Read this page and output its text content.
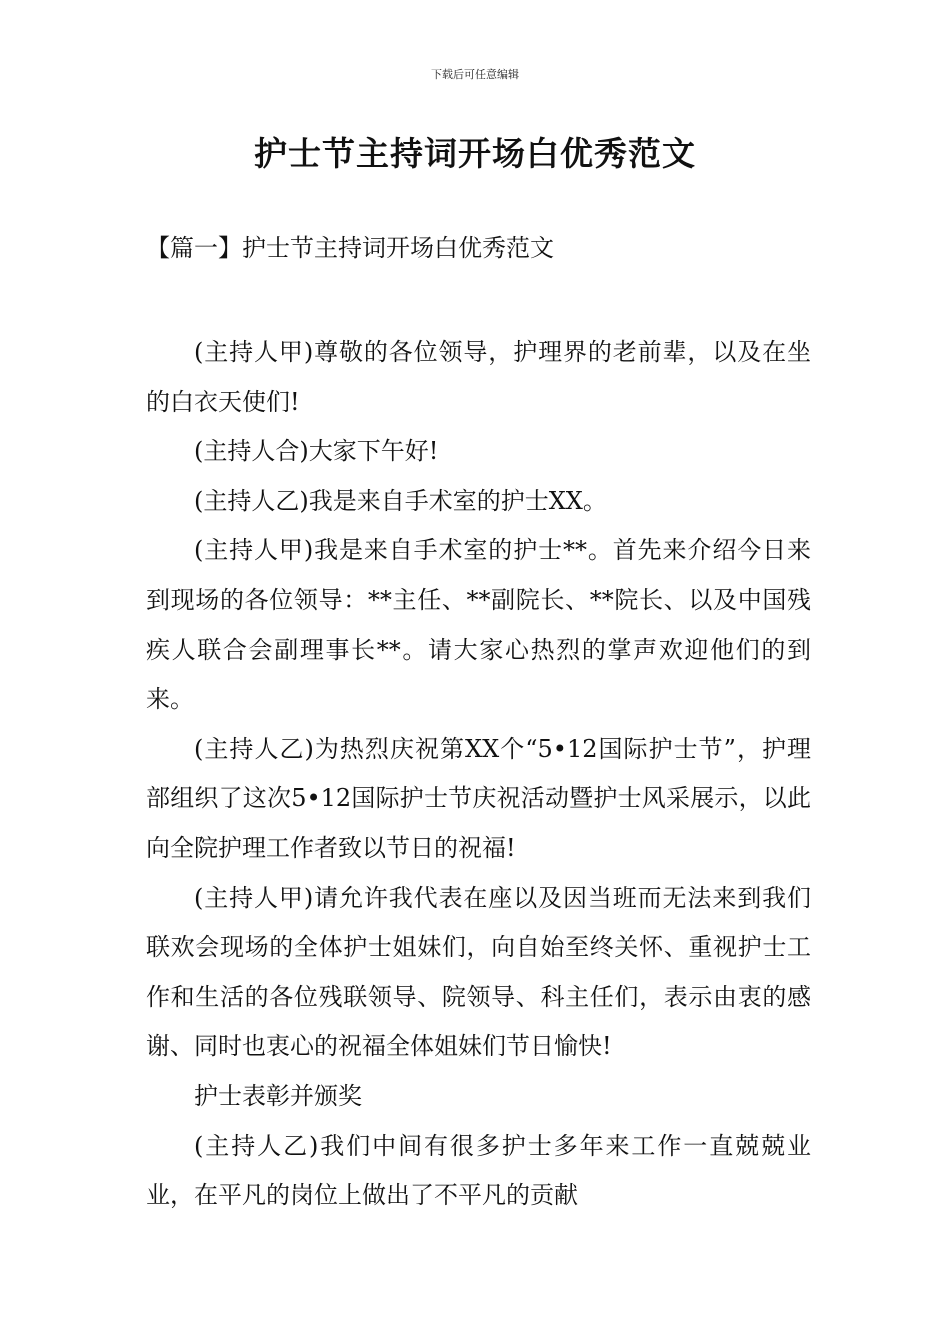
下载后可任意编辑
护士节主持词开场白优秀范文
【篇一】护士节主持词开场白优秀范文

(主持人甲)尊敬的各位领导，护理界的老前辈，以及在坐的白衣天使们!

(主持人合)大家下午好!

(主持人乙)我是来自手术室的护士XX。

(主持人甲)我是来自手术室的护士**。首先来介绍今日来到现场的各位领导：**主任、**副院长、**院长、以及中国残疾人联合会副理事长**。请大家心热烈的掌声欢迎他们的到来。

(主持人乙)为热烈庆祝第XX个“5•12国际护士节”，护理部组织了这次5•12国际护士节庆祝活动暨护士风采展示，以此向全院护理工作者致以节日的祝福!

(主持人甲)请允许我代表在座以及因当班而无法来到我们联欢会现场的全体护士姐妹们，向自始至终关怀、重视护士工作和生活的各位残联领导、院领导、科主任们，表示由衷的感谢、同时也衷心的祝福全体姐妹们节日愉快!

护士表彰并颁奖

(主持人乙)我们中间有很多护士多年来工作一直兢兢业业，在平凡的岗位上做出了不平凡的贡献
